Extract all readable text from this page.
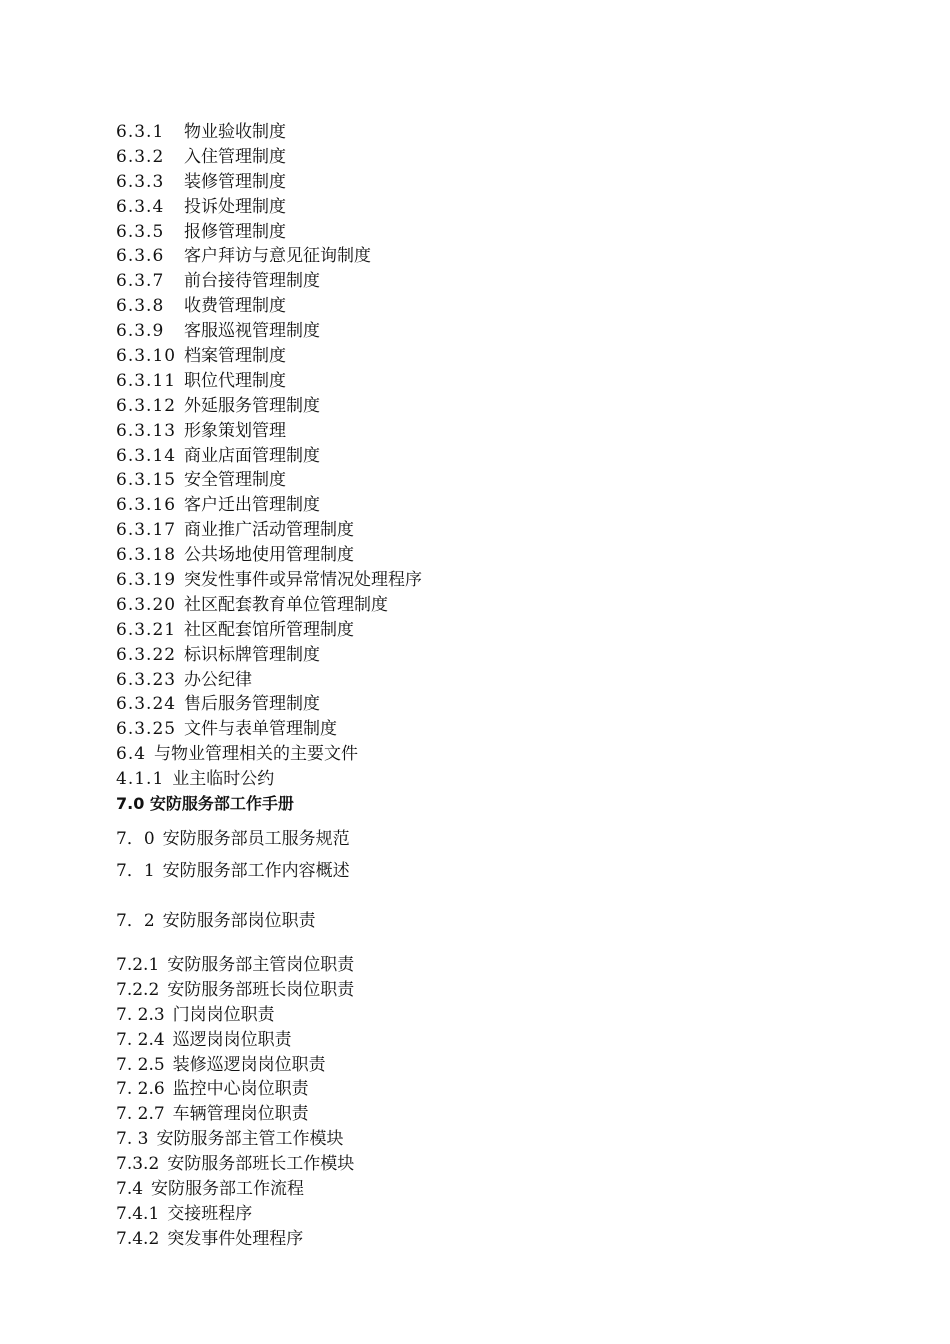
6.3.1 物业验收制度
6.3.2 入住管理制度
6.3.3 装修管理制度
6.3.4 投诉处理制度
6.3.5 报修管理制度
6.3.6 客户拜访与意见征询制度
6.3.7 前台接待管理制度
6.3.8 收费管理制度
6.3.9 客服巡视管理制度
6.3.10 档案管理制度
6.3.11 职位代理制度
6.3.12 外延服务管理制度
6.3.13 形象策划管理
6.3.14 商业店面管理制度
6.3.15 安全管理制度
6.3.16 客户迁出管理制度
6.3.17 商业推广活动管理制度
6.3.18 公共场地使用管理制度
6.3.19 突发性事件或异常情况处理程序
6.3.20 社区配套教育单位管理制度
6.3.21 社区配套馆所管理制度
6.3.22 标识标牌管理制度
6.3.23 办公纪律
6.3.24 售后服务管理制度
6.3.25 文件与表单管理制度
6.4 与物业管理相关的主要文件
4.1.1 业主临时公约
7.0 安防服务部工作手册
7．0 安防服务部员工服务规范
7．1 安防服务部工作内容概述
7．2 安防服务部岗位职责
7.2.1 安防服务部主管岗位职责
7.2.2 安防服务部班长岗位职责
7. 2.3 门岗岗位职责
7. 2.4 巡逻岗岗位职责
7. 2.5 装修巡逻岗岗位职责
7. 2.6 监控中心岗位职责
7. 2.7 车辆管理岗位职责
7. 3 安防服务部主管工作模块
7.3.2 安防服务部班长工作模块
7.4 安防服务部工作流程
7.4.1 交接班程序
7.4.2 突发事件处理程序
